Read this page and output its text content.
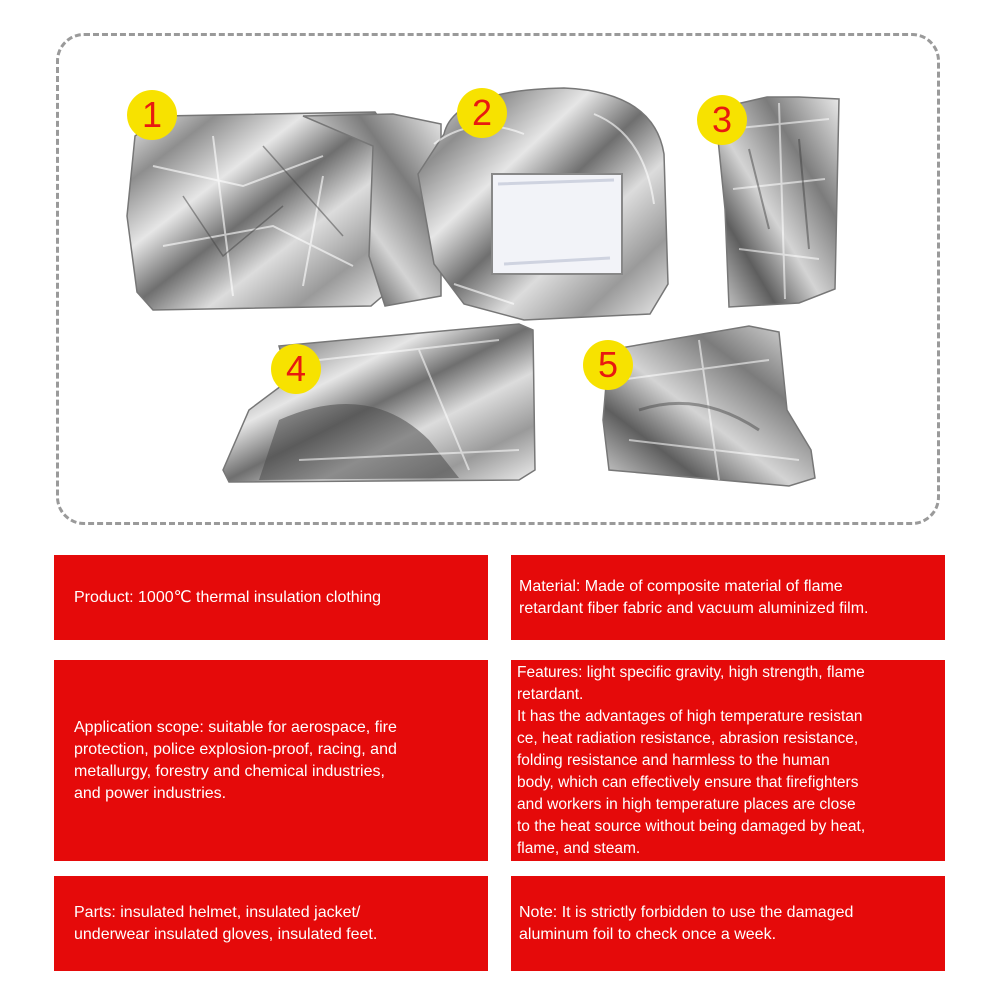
1	2	3
4	5
Product: 1000℃ thermal insulation clothing
Material: Made of composite material of flame
retardant fiber fabric and vacuum aluminized film.
Application scope: suitable for aerospace, fire
protection, police explosion-proof, racing, and
metallurgy, forestry and chemical industries,
and power industries.
Features: light specific gravity, high strength, flame
retardant.
It has the advantages of high temperature resistan
ce, heat radiation resistance, abrasion resistance,
folding resistance and harmless to the human
body, which can effectively ensure that firefighters
and workers in high temperature places are close
to the heat source without being damaged by heat,
flame, and steam.
Parts: insulated helmet, insulated jacket/
underwear insulated gloves, insulated feet.
Note: It is strictly forbidden to use the damaged
aluminum foil to check once a week.
